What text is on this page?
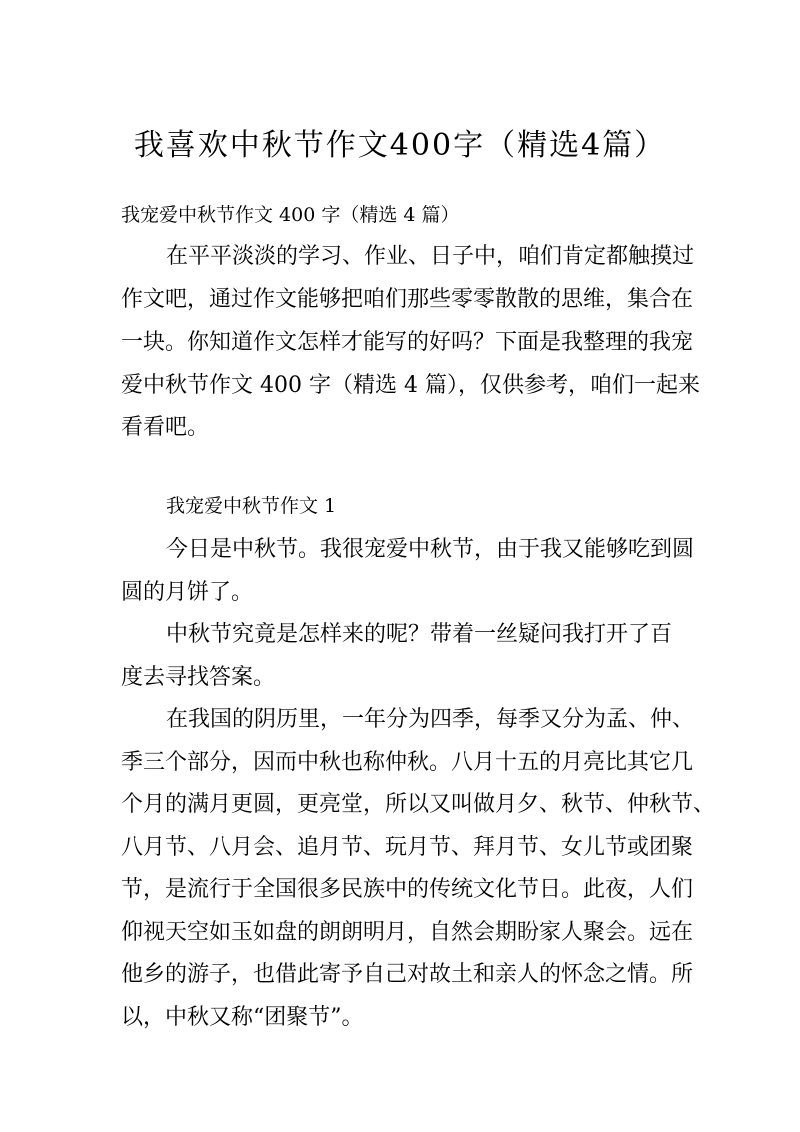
我喜欢中秋节作文400字（精选4篇）
我宠爱中秋节作文 400 字（精选 4 篇）
在平平淡淡的学习、作业、日子中，咱们肯定都触摸过
作文吧，通过作文能够把咱们那些零零散散的思维，集合在
一块。你知道作文怎样才能写的好吗？下面是我整理的我宠
爱中秋节作文 400 字（精选 4 篇），仅供参考，咱们一起来
看看吧。
我宠爱中秋节作文 1
今日是中秋节。我很宠爱中秋节，由于我又能够吃到圆
圆的月饼了。
中秋节究竟是怎样来的呢？带着一丝疑问我打开了百
度去寻找答案。
在我国的阴历里，一年分为四季，每季又分为孟、仲、
季三个部分，因而中秋也称仲秋。八月十五的月亮比其它几
个月的满月更圆，更亮堂，所以又叫做月夕、秋节、仲秋节、
八月节、八月会、追月节、玩月节、拜月节、女儿节或团聚
节，是流行于全国很多民族中的传统文化节日。此夜，人们
仰视天空如玉如盘的朗朗明月，自然会期盼家人聚会。远在
他乡的游子，也借此寄予自己对故土和亲人的怀念之情。所
以，中秋又称“团聚节”。
